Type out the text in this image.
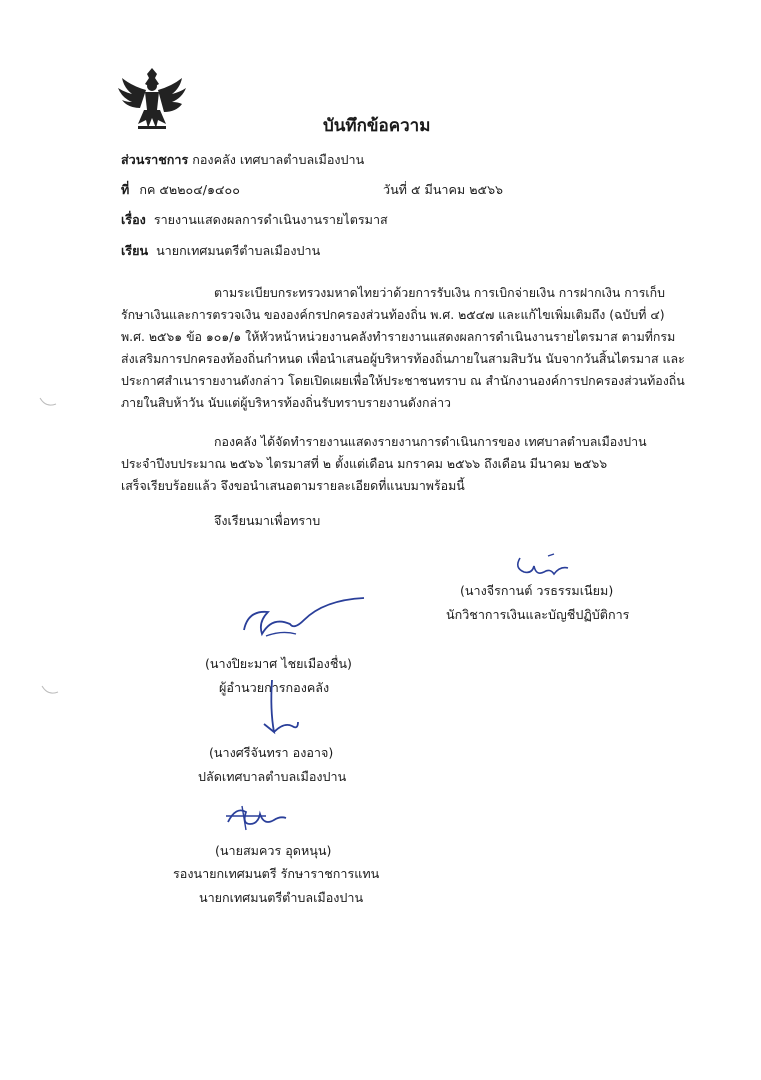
บันทึกข้อความ
ส่วนราชการ กองคลัง เทศบาลตำบลเมืองปาน
ที่ กค ๕๒๒๐๔/๑๔๐๐	วันที่ ๕ มีนาคม ๒๕๖๖
เรื่อง รายงานแสดงผลการดำเนินงานรายไตรมาส
เรียน นายกเทศมนตรีตำบลเมืองปาน
ตามระเบียบกระทรวงมหาดไทยว่าด้วยการรับเงิน การเบิกจ่ายเงิน การฝากเงิน การเก็บ
รักษาเงินและการตรวจเงิน ขององค์กรปกครองส่วนท้องถิ่น พ.ศ. ๒๕๔๗ และแก้ไขเพิ่มเติมถึง (ฉบับที่ ๔)
พ.ศ. ๒๕๖๑ ข้อ ๑๐๑/๑ ให้หัวหน้าหน่วยงานคลังทำรายงานแสดงผลการดำเนินงานรายไตรมาส ตามที่กรม
ส่งเสริมการปกครองท้องถิ่นกำหนด เพื่อนำเสนอผู้บริหารท้องถิ่นภายในสามสิบวัน นับจากวันสิ้นไตรมาส และ
ประกาศสำเนารายงานดังกล่าว โดยเปิดเผยเพื่อให้ประชาชนทราบ ณ สำนักงานองค์การปกครองส่วนท้องถิ่น
ภายในสิบห้าวัน นับแต่ผู้บริหารท้องถิ่นรับทราบรายงานดังกล่าว
กองคลัง ได้จัดทำรายงานแสดงรายงานการดำเนินการของ เทศบาลตำบลเมืองปาน
ประจำปีงบประมาณ ๒๕๖๖ ไตรมาสที่ ๒ ตั้งแต่เดือน มกราคม ๒๕๖๖ ถึงเดือน มีนาคม ๒๕๖๖
เสร็จเรียบร้อยแล้ว จึงขอนำเสนอตามรายละเอียดที่แนบมาพร้อมนี้
จึงเรียนมาเพื่อทราบ
(นางจีรกานต์ วรธรรมเนียม)
นักวิชาการเงินและบัญชีปฏิบัติการ
(นางปิยะมาศ ไชยเมืองชื่น)
ผู้อำนวยการกองคลัง
(นางศรีจันทรา องอาจ)
ปลัดเทศบาลตำบลเมืองปาน
(นายสมควร อุดหนุน)
รองนายกเทศมนตรี รักษาราชการแทน
นายกเทศมนตรีตำบลเมืองปาน
